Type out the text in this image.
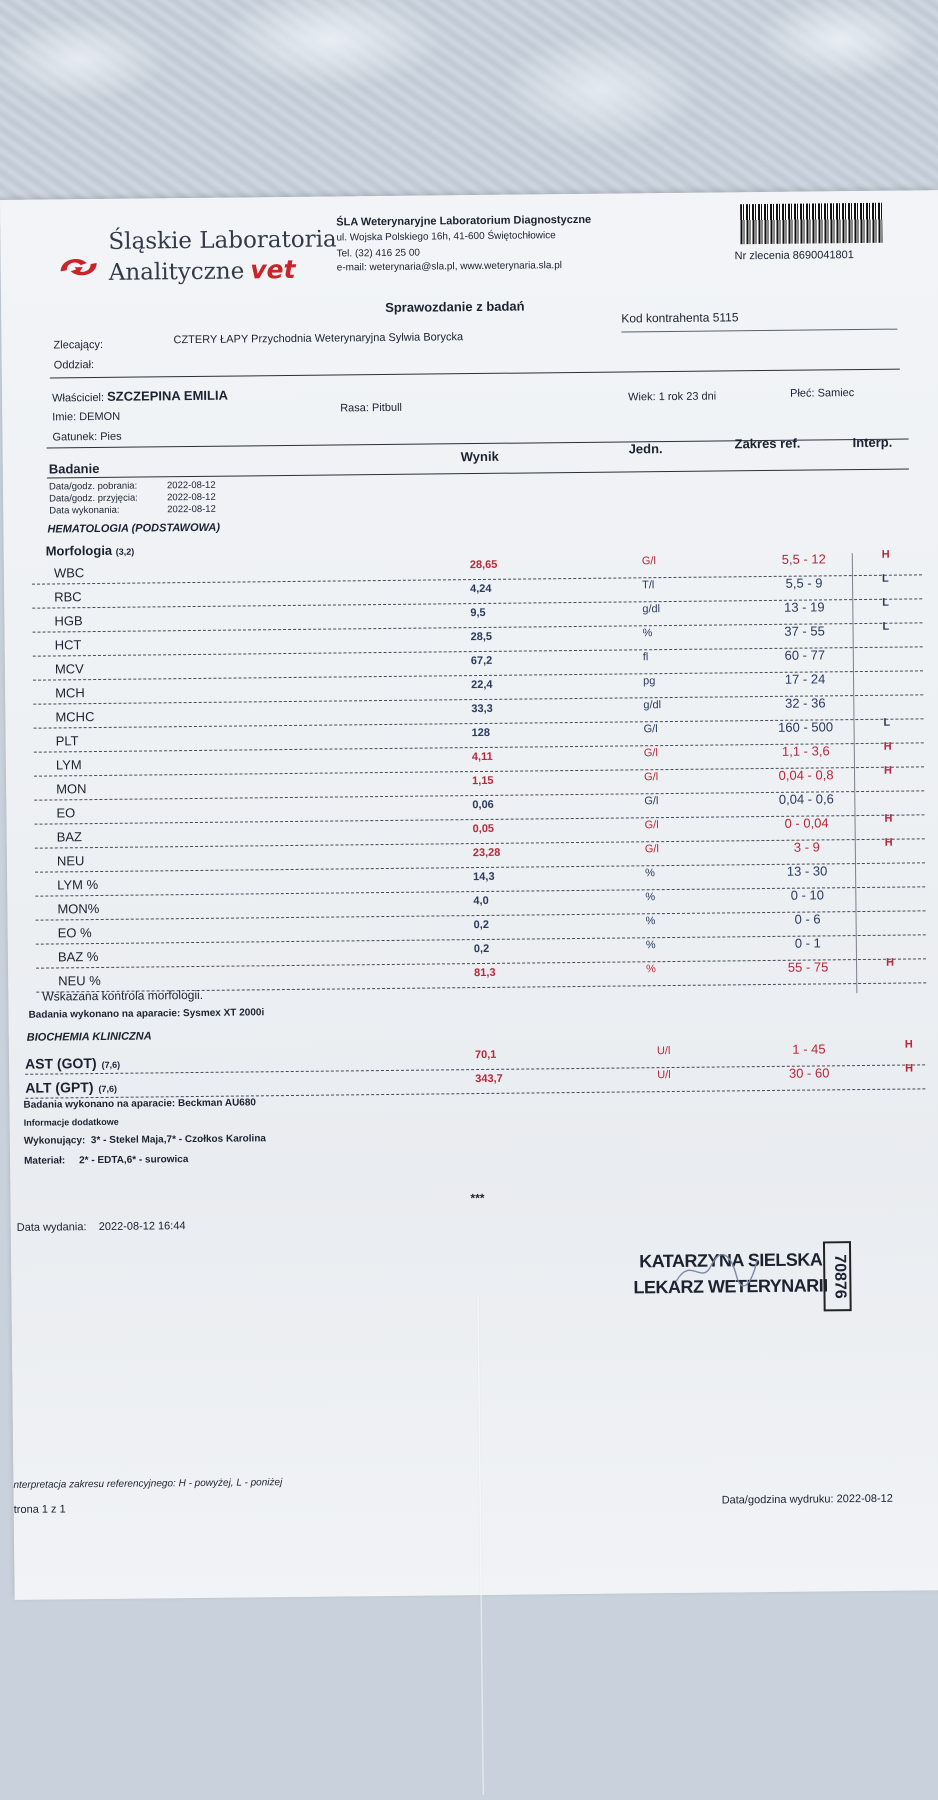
Śląskie Laboratoria
Analityczne vet
ŚLA Weterynaryjne Laboratorium Diagnostyczne
ul. Wojska Polskiego 16h, 41-600 Świętochłowice
Tel. (32) 416 25 00
e-mail: weterynaria@sla.pl, www.weterynaria.sla.pl
Nr zlecenia 8690041801
Sprawozdanie z badań
Zlecający:	CZTERY ŁAPY Przychodnia Weterynaryjna Sylwia Borycka
Kod kontrahenta 5115
Oddział:
Właściciel: SZCZEPINA EMILIA
Imie: DEMON
Gatunek: Pies
Rasa: Pitbull
Wiek: 1 rok 23 dni	Płeć: Samiec
Badanie
Wynik
Jedn.	Zakres ref.	Interp.
Data/godz. pobrania:	2022-08-12
Data/godz. przyjęcia:	2022-08-12
Data wykonania:	2022-08-12
HEMATOLOGIA (PODSTAWOWA)
Morfologia (3,2)
WBC
28,65	G/l	5,5 - 12	H
RBC
4,24	T/l	5,5 - 9	L
HGB
9,5	g/dl	13 - 19	L
HCT
28,5	%	37 - 55	L
MCV
67,2	fl	60 - 77
MCH
22,4	pg	17 - 24
MCHC
33,3	g/dl	32 - 36
PLT
128	G/l	160 - 500	L
LYM
4,11	G/l	1,1 - 3,6	H
MON
1,15	G/l	0,04 - 0,8	H
EO
0,06	G/l	0,04 - 0,6
BAZ
0,05	G/l	0 - 0,04	H
NEU
23,28	G/l	3 - 9	H
LYM %
14,3	%	13 - 30
MON%	4,0	%	0 - 10
EO %
0,2	%	0 - 6
BAZ %
0,2	%	0 - 1
NEU %
81,3	%	55 - 75	H
Wskazana kontrola morfologii.
Badania wykonano na aparacie: Sysmex XT 2000i
BIOCHEMIA KLINICZNA
AST (GOT) (7,6)
70,1	U/l	1 - 45	H
ALT (GPT) (7,6)
343,7	U/l	30 - 60	H
Badania wykonano na aparacie: Beckman AU680
Informacje dodatkowe
Wykonujący:  3* - Stekel Maja,7* - Czołkos Karolina
Materiał:     2* - EDTA,6* - surowica
***
Data wydania:    2022-08-12 16:44
KATARZYNA SIELSKA
LEKARZ WETERYNARII 70876
nterpretacja zakresu referencyjnego: H - powyżej, L - poniżej
trona 1 z 1
Data/godzina wydruku: 2022-08-12
